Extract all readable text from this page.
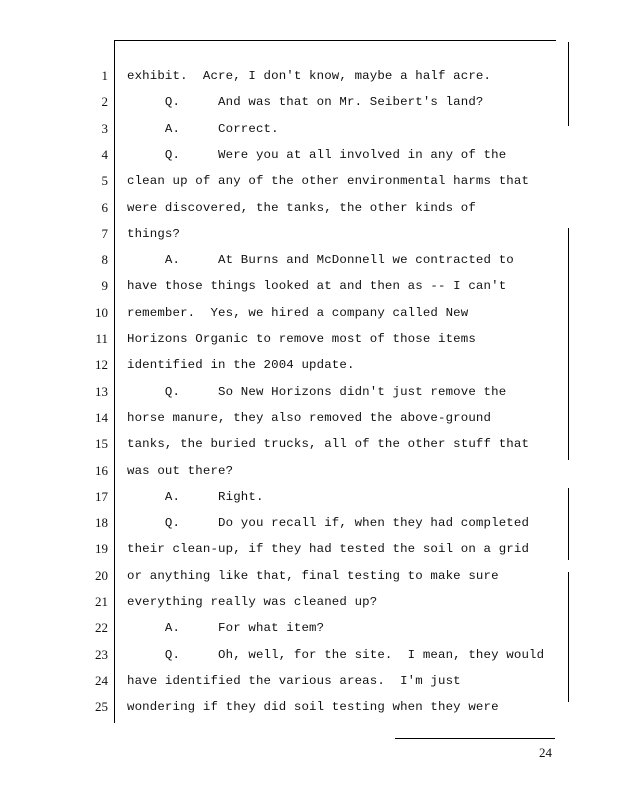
1 exhibit.  Acre, I don't know, maybe a half acre.
2 Q.     And was that on Mr. Seibert's land?
3 A.     Correct.
4 Q.     Were you at all involved in any of the
5 clean up of any of the other environmental harms that
6 were discovered, the tanks, the other kinds of
7 things?
8 A.     At Burns and McDonnell we contracted to
9 have those things looked at and then as -- I can't
10 remember.  Yes, we hired a company called New
11 Horizons Organic to remove most of those items
12 identified in the 2004 update.
13 Q.     So New Horizons didn't just remove the
14 horse manure, they also removed the above-ground
15 tanks, the buried trucks, all of the other stuff that
16 was out there?
17 A.     Right.
18 Q.     Do you recall if, when they had completed
19 their clean-up, if they had tested the soil on a grid
20 or anything like that, final testing to make sure
21 everything really was cleaned up?
22 A.     For what item?
23 Q.     Oh, well, for the site.  I mean, they would
24 have identified the various areas.  I'm just
25 wondering if they did soil testing when they were
24
